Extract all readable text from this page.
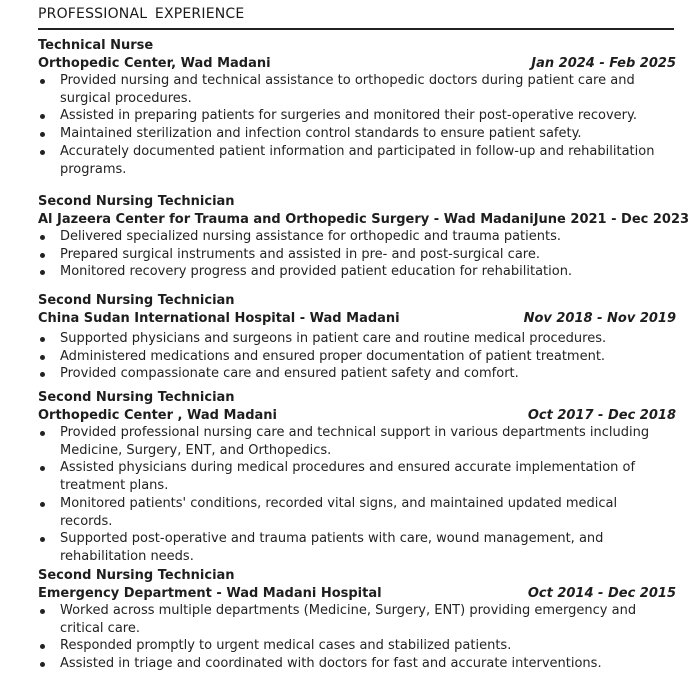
PROFESSIONAL EXPERIENCE
Technical Nurse
Orthopedic Center, Wad Madani	Jan 2024 - Feb 2025
Provided nursing and technical assistance to orthopedic doctors during patient care and surgical procedures.
Assisted in preparing patients for surgeries and monitored their post-operative recovery.
Maintained sterilization and infection control standards to ensure patient safety.
Accurately documented patient information and participated in follow-up and rehabilitation programs.
Second Nursing Technician
Al Jazeera Center for Trauma and Orthopedic Surgery - Wad Madani June 2021 - Dec 2023
Delivered specialized nursing assistance for orthopedic and trauma patients.
Prepared surgical instruments and assisted in pre- and post-surgical care.
Monitored recovery progress and provided patient education for rehabilitation.
Second Nursing Technician
China Sudan International Hospital - Wad Madani	Nov 2018 - Nov 2019
Supported physicians and surgeons in patient care and routine medical procedures.
Administered medications and ensured proper documentation of patient treatment.
Provided compassionate care and ensured patient safety and comfort.
Second Nursing Technician
Orthopedic Center , Wad Madani	Oct 2017 - Dec 2018
Provided professional nursing care and technical support in various departments including Medicine, Surgery, ENT, and Orthopedics.
Assisted physicians during medical procedures and ensured accurate implementation of treatment plans.
Monitored patients' conditions, recorded vital signs, and maintained updated medical records.
Supported post-operative and trauma patients with care, wound management, and rehabilitation needs.
Second Nursing Technician
Emergency Department - Wad Madani Hospital	Oct 2014 - Dec 2015
Worked across multiple departments (Medicine, Surgery, ENT) providing emergency and critical care.
Responded promptly to urgent medical cases and stabilized patients.
Assisted in triage and coordinated with doctors for fast and accurate interventions.
